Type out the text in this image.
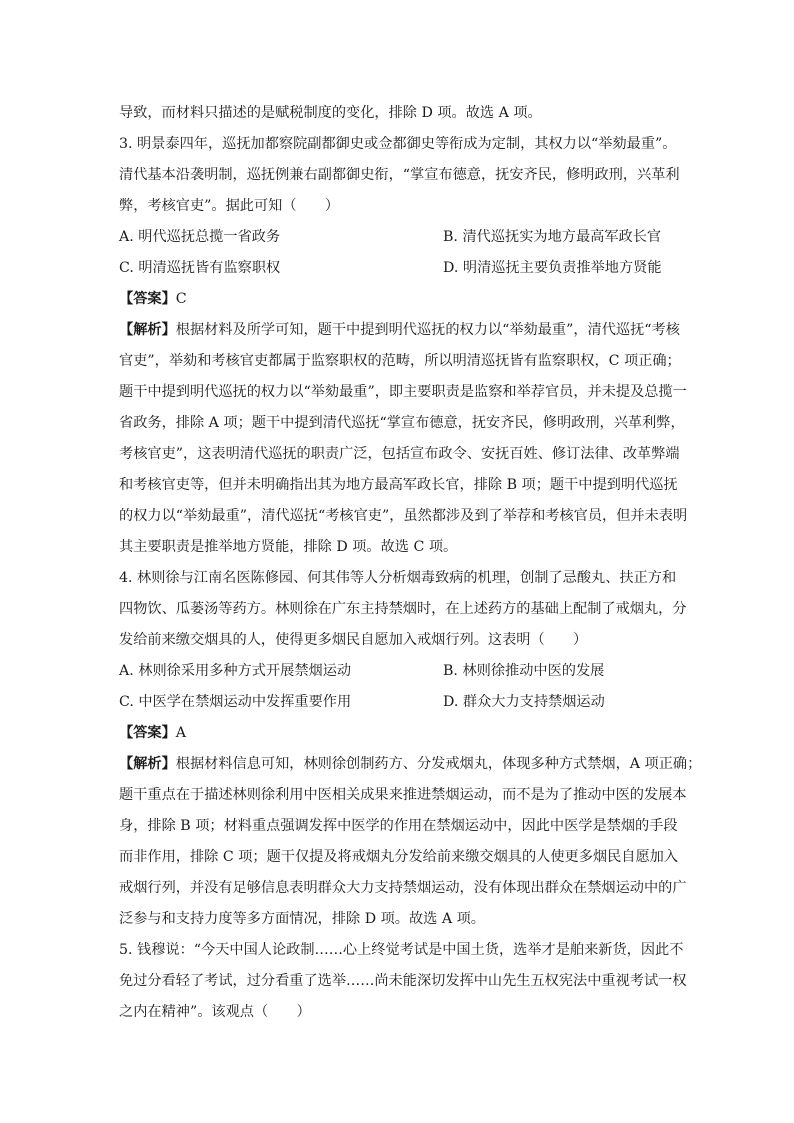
导致，而材料只描述的是赋税制度的变化，排除 D 项。故选 A 项。
3. 明景泰四年，巡抚加都察院副都御史或佥都御史等衔成为定制，其权力以“举劾最重”。
清代基本沿袭明制，巡抚例兼右副都御史衔，“掌宣布德意，抚安齐民，修明政刑，兴革利
弊，考核官吏”。据此可知（　　）
A. 明代巡抚总揽一省政务	B. 清代巡抚实为地方最高军政长官
C. 明清巡抚皆有监察职权	D. 明清巡抚主要负责推举地方贤能
【答案】C
【解析】根据材料及所学可知，题干中提到明代巡抚的权力以“举劾最重”，清代巡抚“考核
官吏”，举劾和考核官吏都属于监察职权的范畴，所以明清巡抚皆有监察职权，C 项正确；
题干中提到明代巡抚的权力以“举劾最重”，即主要职责是监察和举荐官员，并未提及总揽一
省政务，排除 A 项；题干中提到清代巡抚“掌宣布德意，抚安齐民，修明政刑，兴革利弊，
考核官吏”，这表明清代巡抚的职责广泛，包括宣布政令、安抚百姓、修订法律、改革弊端
和考核官吏等，但并未明确指出其为地方最高军政长官，排除 B 项；题干中提到明代巡抚
的权力以“举劾最重”，清代巡抚“考核官吏”，虽然都涉及到了举荐和考核官员，但并未表明
其主要职责是推举地方贤能，排除 D 项。故选 C 项。
4. 林则徐与江南名医陈修园、何其伟等人分析烟毒致病的机理，创制了忌酸丸、扶正方和
四物饮、瓜蒌汤等药方。林则徐在广东主持禁烟时，在上述药方的基础上配制了戒烟丸，分
发给前来缴交烟具的人，使得更多烟民自愿加入戒烟行列。这表明（　　）
A. 林则徐采用多种方式开展禁烟运动	B. 林则徐推动中医的发展
C. 中医学在禁烟运动中发挥重要作用	D. 群众大力支持禁烟运动
【答案】A
【解析】根据材料信息可知，林则徐创制药方、分发戒烟丸，体现多种方式禁烟，A 项正确；
题干重点在于描述林则徐利用中医相关成果来推进禁烟运动，而不是为了推动中医的发展本
身，排除 B 项；材料重点强调发挥中医学的作用在禁烟运动中，因此中医学是禁烟的手段
而非作用，排除 C 项；题干仅提及将戒烟丸分发给前来缴交烟具的人使更多烟民自愿加入
戒烟行列，并没有足够信息表明群众大力支持禁烟运动，没有体现出群众在禁烟运动中的广
泛参与和支持力度等多方面情况，排除 D 项。故选 A 项。
5. 钱穆说：“今天中国人论政制……心上终觉考试是中国土货，选举才是舶来新货，因此不
免过分看轻了考试，过分看重了选举……尚未能深切发挥中山先生五权宪法中重视考试一权
之内在精神”。该观点（　　）
